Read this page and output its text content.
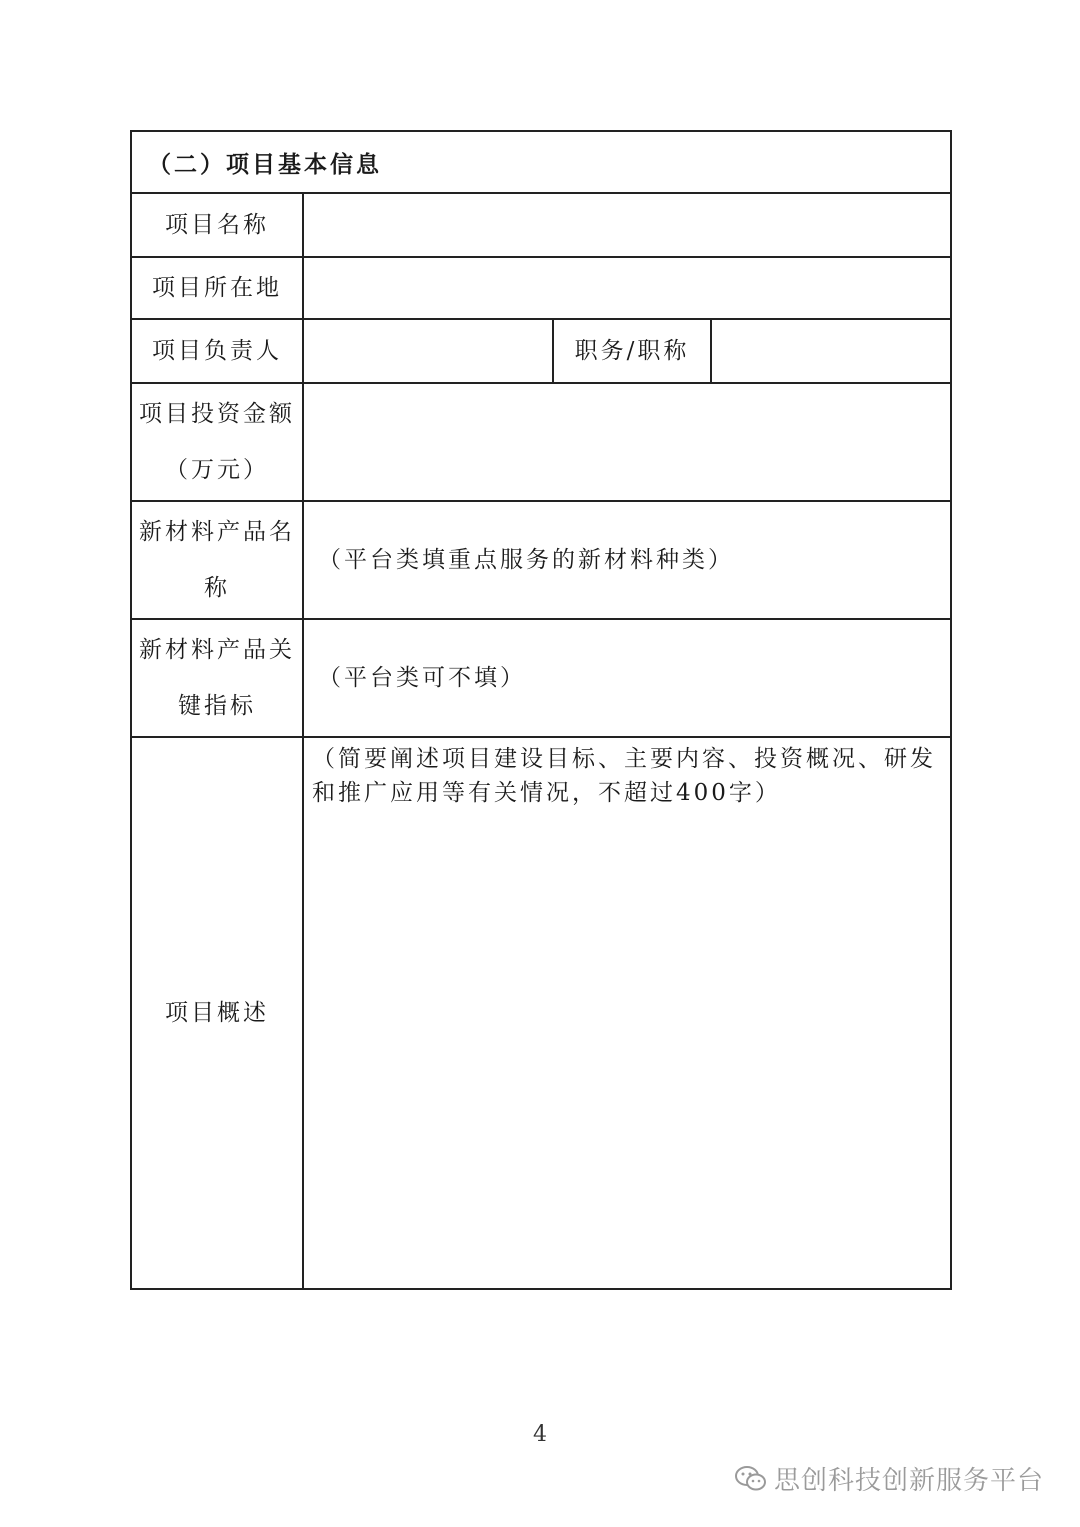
（二）项目基本信息			
项目名称			
项目所在地			
项目负责人		职务/职称	

项目投资金额
（万元）			

新材料产品名
称	（平台类填重点服务的新材料种类）		

新材料产品关
键指标	（平台类可不填）		
项目概述	（简要阐述项目建设目标、主要内容、投资概况、研发和推广应用等有关情况，不超过400字）		
4
思创科技创新服务平台
